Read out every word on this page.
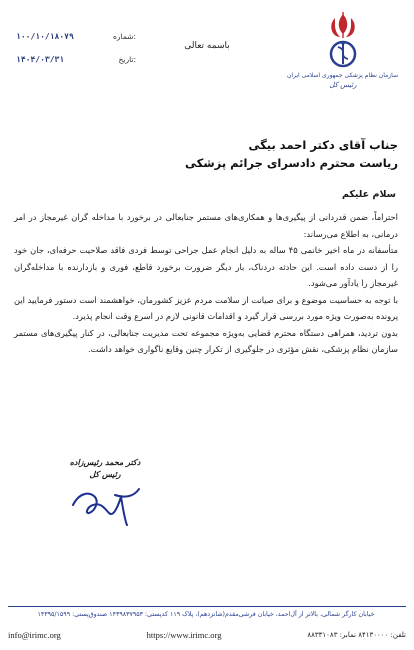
۱۰۰/۱۰/۱۸۰۷۹	شماره:
۱۴۰۴/۰۳/۳۱	تاریخ:
باسمه تعالی
سازمان نظام پزشکی جمهوری اسلامی ایران
رئیس کل
جناب آقای دکتر احمد بیگی
ریاست محترم دادسرای جرائم پزشکی
سلام علیکم

احتراماً، ضمن قدردانی از پیگیری‌ها و همکاری‌های مستمر جنابعالی در برخورد با مداخله گران غیرمجاز در امر درمانی، به اطلاع می‌رساند:

متأسفانه در ماه اخیر خانمی ۴۵ ساله به دلیل انجام عمل جراحی توسط فردی فاقد صلاحیت حرفه‌ای، جان خود را از دست داده است. این حادثه دردناک، بار دیگر ضرورت برخورد قاطع، فوری و بازدارنده با مداخله‌گران غیرمجاز را یادآور می‌شود.

با توجه به حساسیت موضوع و برای صیانت از سلامت مردم عزیز کشورمان، خواهشمند است دستور فرمایید این پرونده به‌صورت ویژه مورد بررسی قرار گیرد و اقدامات قانونی لازم در اسرع وقت انجام پذیرد.

بدون تردید، همراهی دستگاه محترم قضایی به‌ویژه مجموعه تحت مدیریت جنابعالی، در کنار پیگیری‌های مستمر سازمان نظام پزشکی، نقش مؤثری در جلوگیری از تکرار چنین وقایع ناگواری خواهد داشت.

دکتر محمد رئیس‌زاده
رئیس کل
خیابان کارگر شمالی، بالاتر از آل‌احمد، خیابان فرشی‌مقدم(شانزدهم)، پلاک ۱۱۹ کدپستی: ۱۴۳۹۸۳۷۹۵۳ صندوق‌پستی: ۱۴۳۹۵/۱۵۹۹
info@irimc.org	https://www.irimc.org	تلفن: ۸۴۱۳۰۰۰۰ نمابر: ۸۸۳۳۱۰۸۳
